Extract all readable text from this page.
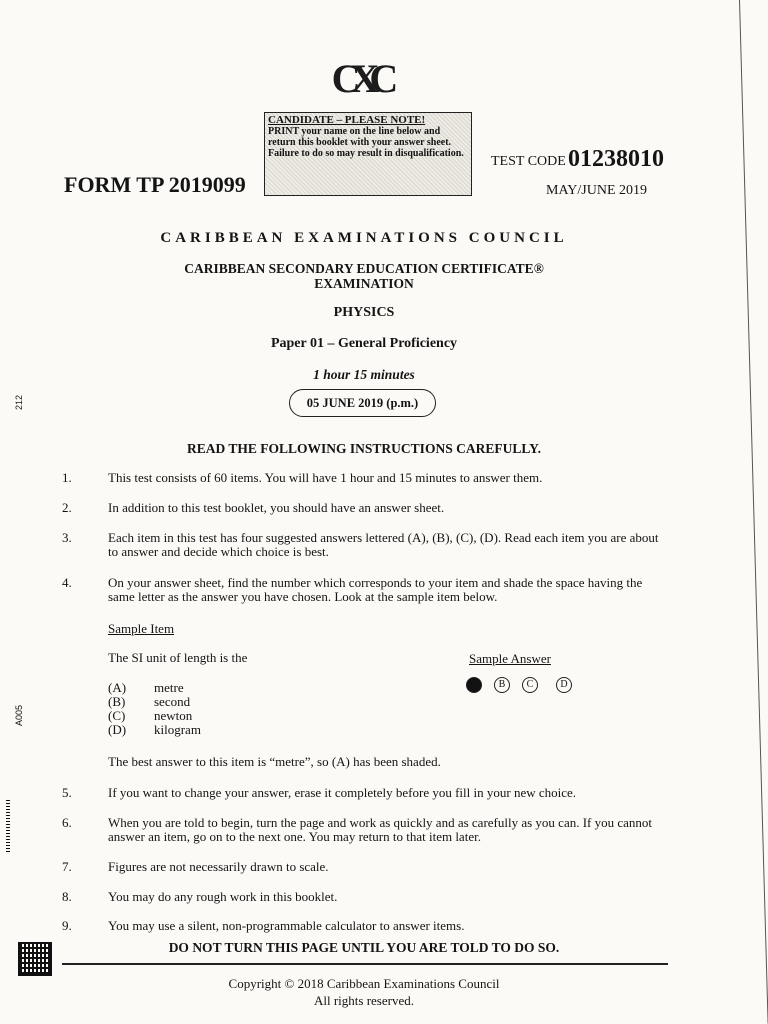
CXC
CANDIDATE – PLEASE NOTE!
PRINT your name on the line below and return this booklet with your answer sheet. Failure to do so may result in disqualification.
FORM TP 2019099
TEST CODE 01238010
MAY/JUNE 2019
CARIBBEAN EXAMINATIONS COUNCIL
CARIBBEAN SECONDARY EDUCATION CERTIFICATE®
EXAMINATION
PHYSICS
Paper 01 – General Proficiency
1 hour 15 minutes
05 JUNE 2019 (p.m.)
READ THE FOLLOWING INSTRUCTIONS CAREFULLY.
1.	This test consists of 60 items. You will have 1 hour and 15 minutes to answer them.
2.	In addition to this test booklet, you should have an answer sheet.
3.	Each item in this test has four suggested answers lettered (A), (B), (C), (D). Read each item you are about to answer and decide which choice is best.
4.	On your answer sheet, find the number which corresponds to your item and shade the space having the same letter as the answer you have chosen. Look at the sample item below.
Sample Item
The SI unit of length is the	Sample Answer
(A) metre
(B) second
(C) newton
(D) kilogram
B	C	D
The best answer to this item is “metre”, so (A) has been shaded.
5.	If you want to change your answer, erase it completely before you fill in your new choice.
6.	When you are told to begin, turn the page and work as quickly and as carefully as you can. If you cannot answer an item, go on to the next one. You may return to that item later.
7.	Figures are not necessarily drawn to scale.
8.	You may do any rough work in this booklet.
9.	You may use a silent, non-programmable calculator to answer items.
DO NOT TURN THIS PAGE UNTIL YOU ARE TOLD TO DO SO.
Copyright © 2018 Caribbean Examinations Council
All rights reserved.
212
A005
